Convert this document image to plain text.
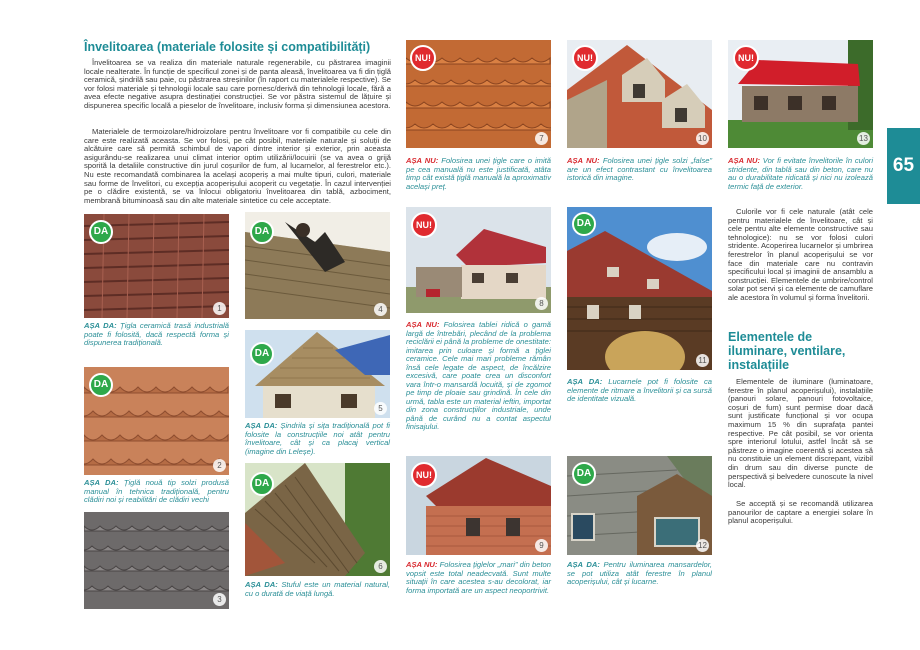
Învelitoarea (materiale folosite și compatibilități)
Învelitoarea se va realiza din materiale naturale regenerabile, cu păstrarea imaginii locale nealterate. În funcție de specificul zonei și de panta aleasă, învelitoarea va fi din țiglă ceramică, șindrilă sau paie, cu păstrarea streșinilor (în raport cu materialele respective). Se vor folosi materiale și tehnologii locale sau care pornesc/derivă din tehnologii locale, fără a avea efecte negative asupra destinației construcției. Se vor păstra sistemul de lățuire și dispunerea specific locală a pieselor de învelitoare, inclusiv forma și dimensiunea acestora.
Materialele de termoizolare/hidroizolare pentru învelitoare vor fi compatibile cu cele din care este realizată aceasta. Se vor folosi, pe cât posibil, materiale naturale și soluții de alcătuire care să permită schimbul de vapori dintre interior și exterior, prin aceasta asigurându-se realizarea unui climat interior optim utilizării/locuirii (se va avea o grijă sporită la detaliile constructive din jurul coșurilor de fum, al lucarnelor, al ferestrelor etc.). Nu este recomandată combinarea la același acoperiș a mai multe tipuri, culori, materiale sau forme de învelitori, cu excepția acoperișului acoperit cu vegetație. În cazul intervenției pe o clădire existentă, se va înlocui obligatoriu învelitoarea din tablă, azbociment, membrană bituminoasă sau din alte materiale sintetice cu cele acceptate.
DA
1
AȘA DA: Țigla ceramică trasă industrială poate fi folosită, dacă respectă forma și dispunerea tradițională.
DA
2
AȘA DA: Țiglă nouă tip solzi produsă manual în tehnica tradițională, pentru clădiri noi și reabilitări de clădiri vechi
3
DA
4
DA
5
AȘA DA: Șindrila și sița tradițională pot fi folosite la construcțiile noi atât pentru învelitoare, cât și ca placaj vertical (imagine din Leleșe).
DA
6
AȘA DA: Stuful este un material natural, cu o durată de viață lungă.
NU!
7
AȘA NU: Folosirea unei țigle care o imită pe cea manuală nu este justificată, atâta timp cât există țiglă manuală la aproximativ același preț.
NU!
8
AȘA NU: Folosirea tablei ridică o gamă largă de întrebări, plecând de la problema reciclării ei până la probleme de onestitate: imitarea prin culoare și formă a țiglei ceramice. Cele mai mari probleme rămân însă cele legate de aspect, de încălzire excesivă, care poate crea un disconfort vara într-o mansardă locuită, și de zgomot pe timp de ploaie sau grindină. În cele din urmă, tabla este un material ieftin, importat din zona construcțiilor industriale, unde până de curând nu a contat aspectul finisajului.
NU!
9
AȘA NU: Folosirea țiglelor „mari” din beton vopsit este total neadecvată. Sunt multe situații în care acestea s-au decolorat, iar forma importată are un aspect neoportrivit.
NU!
10
AȘA NU: Folosirea unei țigle solzi „false” are un efect contrastant cu învelitoarea istorică din imagine.
DA
11
AȘA DA: Lucarnele pot fi folosite ca elemente de ritmare a învelitorii și ca sursă de identitate vizuală.
DA
12
AȘA DA: Pentru iluminarea mansardelor, se pot utiliza atât ferestre în planul acoperișului, cât și lucarne.
NU!
13
AȘA NU: Vor fi evitate învelitorile în culori stridente, din tablă sau din beton, care nu au o durabilitate ridicată și nici nu izolează termic față de exterior.
Culorile vor fi cele naturale (atât cele pentru materialele de învelitoare, cât și cele pentru alte elemente constructive sau tehnologice): nu se vor folosi culori stridente. Acoperirea lucarnelor și umbrirea ferestrelor în planul acoperișului se vor face din materiale care nu contravin specificului local și imaginii de ansamblu a construcției. Elementele de umbrire/control solar pot servi și ca elemente de camuflare ale acestora în volumul și forma învelitorii.
Elementele de iluminare, ventilare, instalațiile
Elementele de iluminare (luminatoare, ferestre în planul acoperișului), instalațiile (panouri solare, panouri fotovoltaice, coșuri de fum) sunt permise doar dacă sunt justificate funcțional și vor ocupa maximum 15 % din suprafața pantei respective. Pe cât posibil, se vor orienta spre interiorul lotului, astfel încât să se păstreze o imagine coerentă și acestea să nu constituie un element discrepant, vizibil din drum sau din diverse puncte de perspectivă și belvedere cunoscute la nivel local.
Se acceptă și se recomandă utilizarea panourilor de captare a energiei solare în planul acoperișului.
65
